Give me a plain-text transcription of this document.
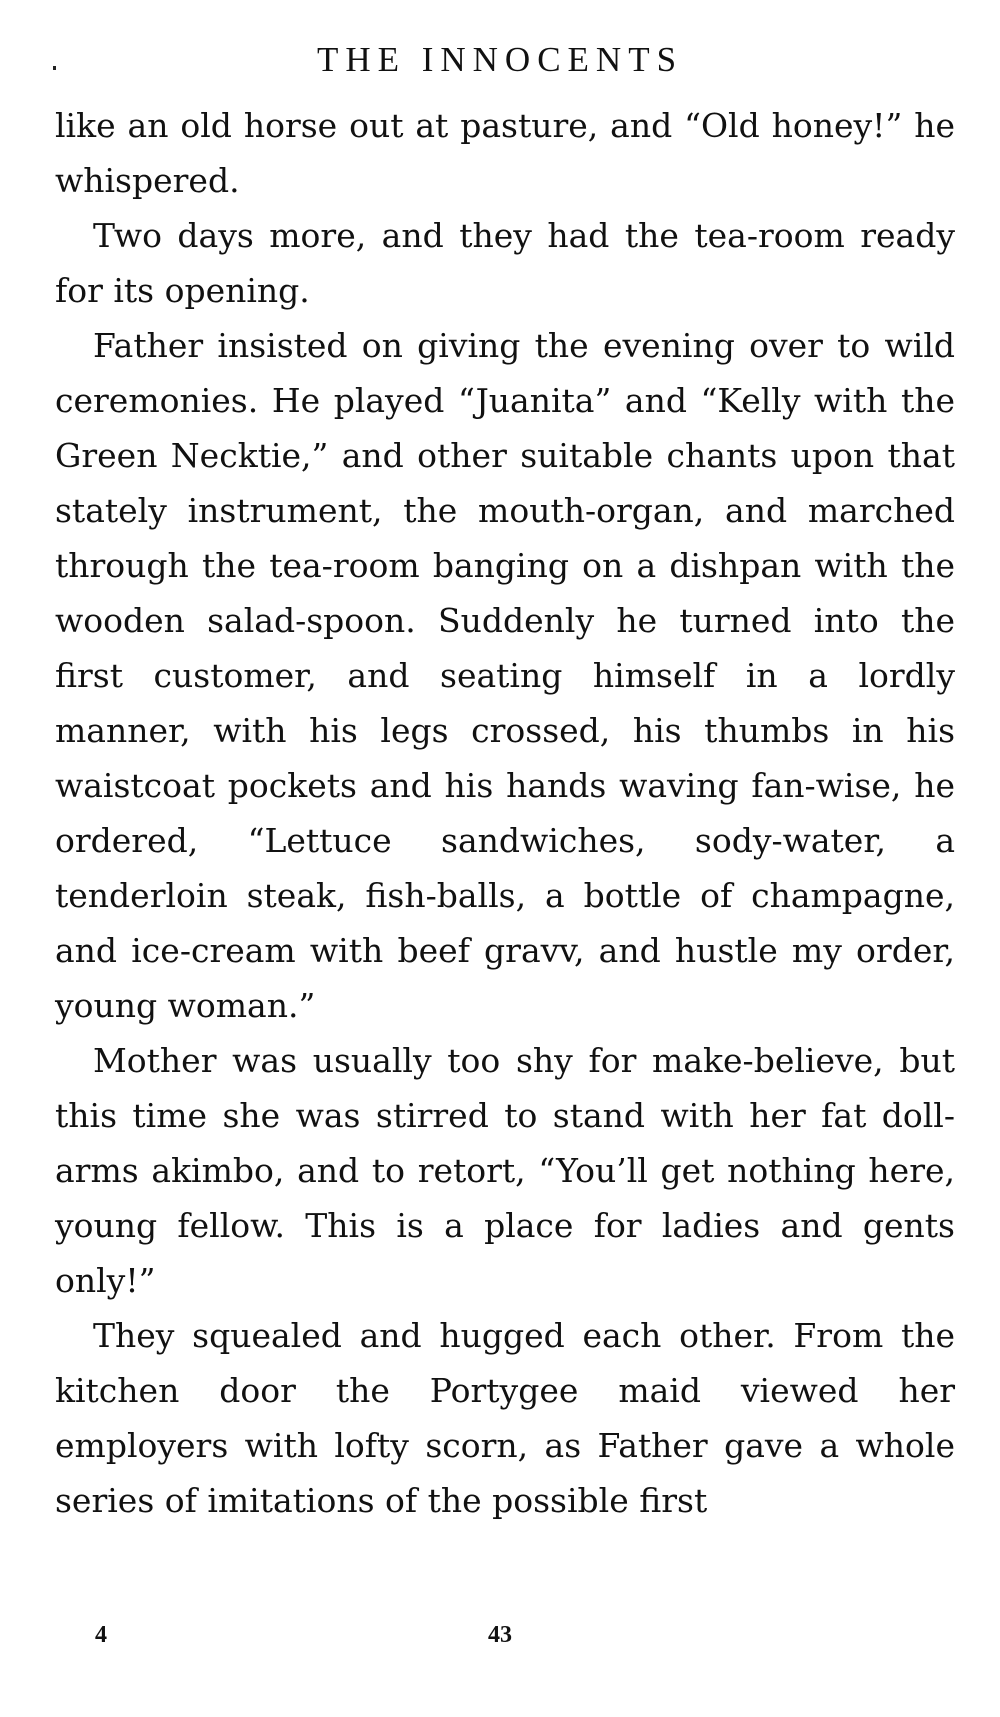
THE INNOCENTS

like an old horse out at pasture, and “Old honey!” he whispered.

Two days more, and they had the tea-room ready for its opening.

Father insisted on giving the evening over to wild ceremonies. He played “Juanita” and “Kelly with the Green Necktie,” and other suitable chants upon that stately instrument, the mouth-organ, and marched through the tea-room banging on a dishpan with the wooden salad-spoon. Suddenly he turned into the first customer, and seating himself in a lordly manner, with his legs crossed, his thumbs in his waistcoat pockets and his hands waving fan-wise, he ordered, “Lettuce sandwiches, sody-water, a tenderloin steak, fish-balls, a bottle of champagne, and ice-cream with beef gravv, and hustle my order, young woman.”

Mother was usually too shy for make-believe, but this time she was stirred to stand with her fat doll-arms akimbo, and to retort, “You’ll get nothing here, young fellow. This is a place for ladies and gents only!”

They squealed and hugged each other. From the kitchen door the Portygee maid viewed her employers with lofty scorn, as Father gave a whole series of imitations of the possible first

4	43
